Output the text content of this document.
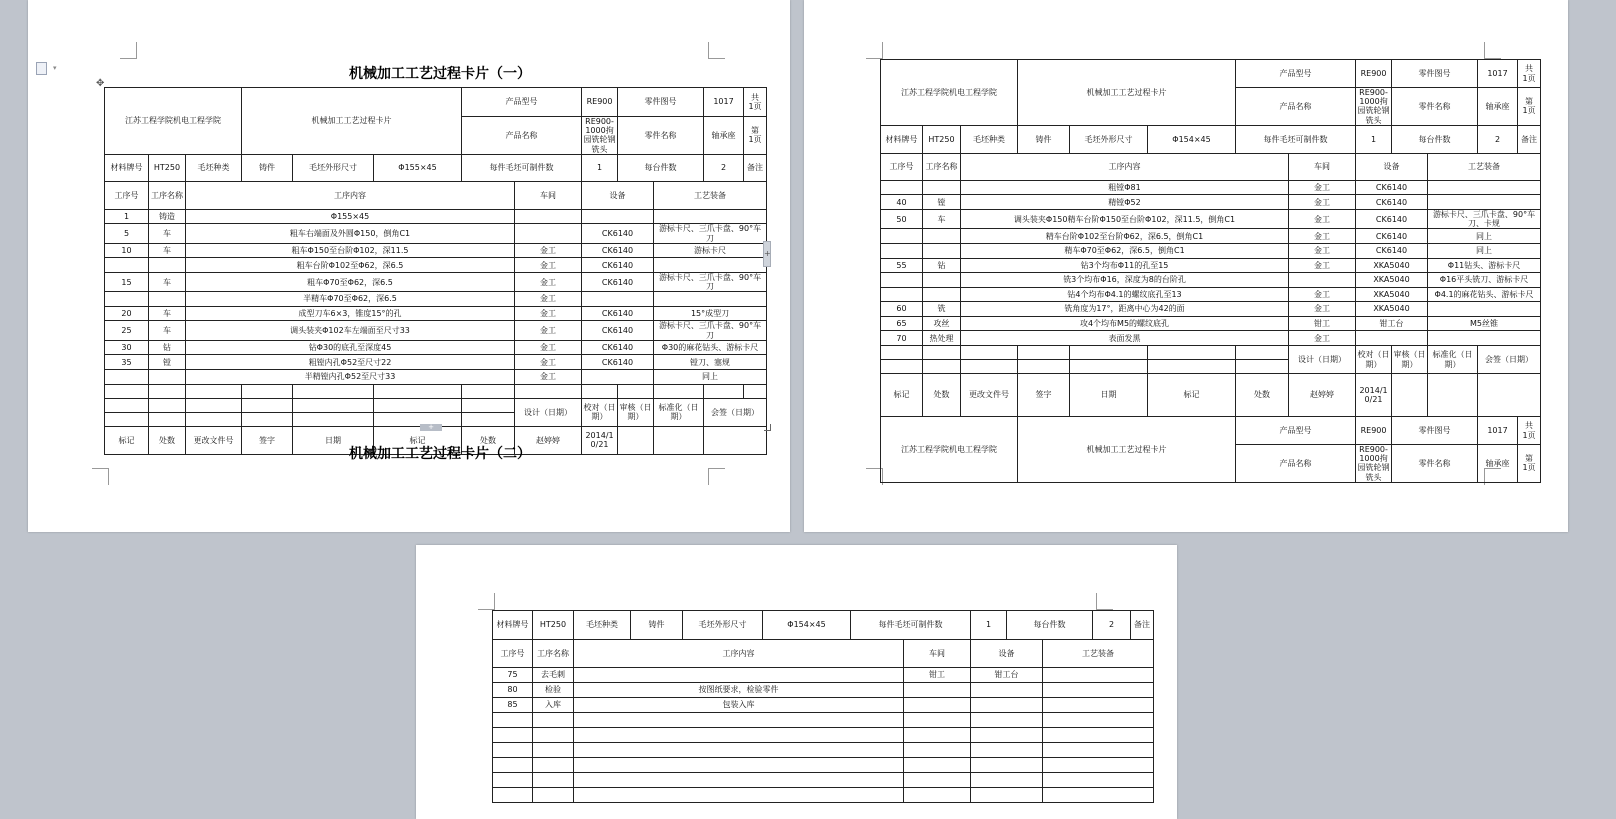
▾
✥
机械加工工艺过程卡片（一）
江苏工程学院机电工程学院			机械加工工艺过程卡片			产品型号		RE900	零件图号		1017	共
1页
						产品名称		RE900-1000拘园铣轮钢铣头	零件名称		轴承座	第
1页
材料牌号	HT250	毛坯种类	铸件	毛坯外形尺寸	Φ155×45	每件毛坯可制件数		1	每台件数		2	备注
工序号	工序名称	工序内容					车间	设备		工艺装备		
1	铸造	Φ155×45										
5	车	粗车右端面及外圆Φ150，倒角C1						CK6140		游标卡尺、三爪卡盘、90°车刀		
10	车	粗车Φ150至台阶Φ102，深11.5					金工	CK6140		游标卡尺		
		粗车台阶Φ102至Φ62，深6.5					金工	CK6140				
15	车	粗车Φ70至Φ62，深6.5					金工	CK6140		游标卡尺、三爪卡盘、90°车刀		
		半精车Φ70至Φ62，深6.5					金工					
20	车	成型刀车6×3，锥度15°的孔					金工	CK6140		15°成型刀		
25	车	调头装夹Φ102车左端面至尺寸33					金工	CK6140		游标卡尺、三爪卡盘、90°车刀		
30	钻	钻Φ30的底孔至深度45					金工	CK6140		Φ30的麻花钻头、游标卡尺		
35	镗	粗镗内孔Φ52至尺寸22					金工	CK6140		镗刀、塞规		
		半精镗内孔Φ52至尺寸33					金工			同上		

							设计（日期）	校对（日期）	审核（日期）	标准化（日期）	会签（日期）	

标记	处数	更改文件号	签字	日期	标记	处数	赵婷婷	2014/10/21				
+
+
机械加工工艺过程卡片（二）
江苏工程学院机电工程学院			机械加工工艺过程卡片			产品型号		RE900	零件图号		1017	共
1页
						产品名称		RE900-1000拘园铣轮钢铣头	零件名称		轴承座	第
1页
材料牌号	HT250	毛坯种类	铸件	毛坯外形尺寸	Φ154×45	每件毛坯可制件数		1	每台件数		2	备注
工序号	工序名称	工序内容					车间	设备		工艺装备		
		粗镗Φ81					金工	CK6140				
40	镗	精镗Φ52					金工	CK6140				
50	车	调头装夹Φ150精车台阶Φ150至台阶Φ102，深11.5，倒角C1					金工	CK6140		游标卡尺、三爪卡盘、90°车刀、卡规		
		精车台阶Φ102至台阶Φ62，深6.5，倒角C1					金工	CK6140		同上		
		精车Φ70至Φ62，深6.5，倒角C1					金工	CK6140		同上		
55	钻	钻3个均布Φ11的孔至15					金工	XKA5040		Φ11钻头、游标卡尺		
		铣3个均布Φ16，深度为8的台阶孔						XKA5040		Φ16平头铣刀、游标卡尺		
		钻4个均布Φ4.1的螺纹底孔至13					金工	XKA5040		Φ4.1的麻花钻头、游标卡尺		
60	铣	铣角度为17°，距离中心为42的面					金工	XKA5040				
65	攻丝	攻4个均布M5的螺纹底孔					钳工	钳工台		M5丝锥		
70	热处理	表面发黑					金工					
							设计（日期）	校对（日期）	审核（日期）	标准化（日期）	会签（日期）	

标记	处数	更改文件号	签字	日期	标记	处数	赵婷婷	2014/10/21				
江苏工程学院机电工程学院			机械加工工艺过程卡片			产品型号		RE900	零件图号		1017	共
1页
						产品名称		RE900-1000拘园铣轮钢铣头	零件名称		轴承座	第
1页
材料牌号	HT250	毛坯种类	铸件	毛坯外形尺寸	Φ154×45	每件毛坯可制件数		1	每台件数		2	备注
工序号	工序名称	工序内容					车间	设备		工艺装备		
75	去毛刺						钳工	钳工台				
80	检验	按图纸要求，检验零件										
85	入库	包装入库										
